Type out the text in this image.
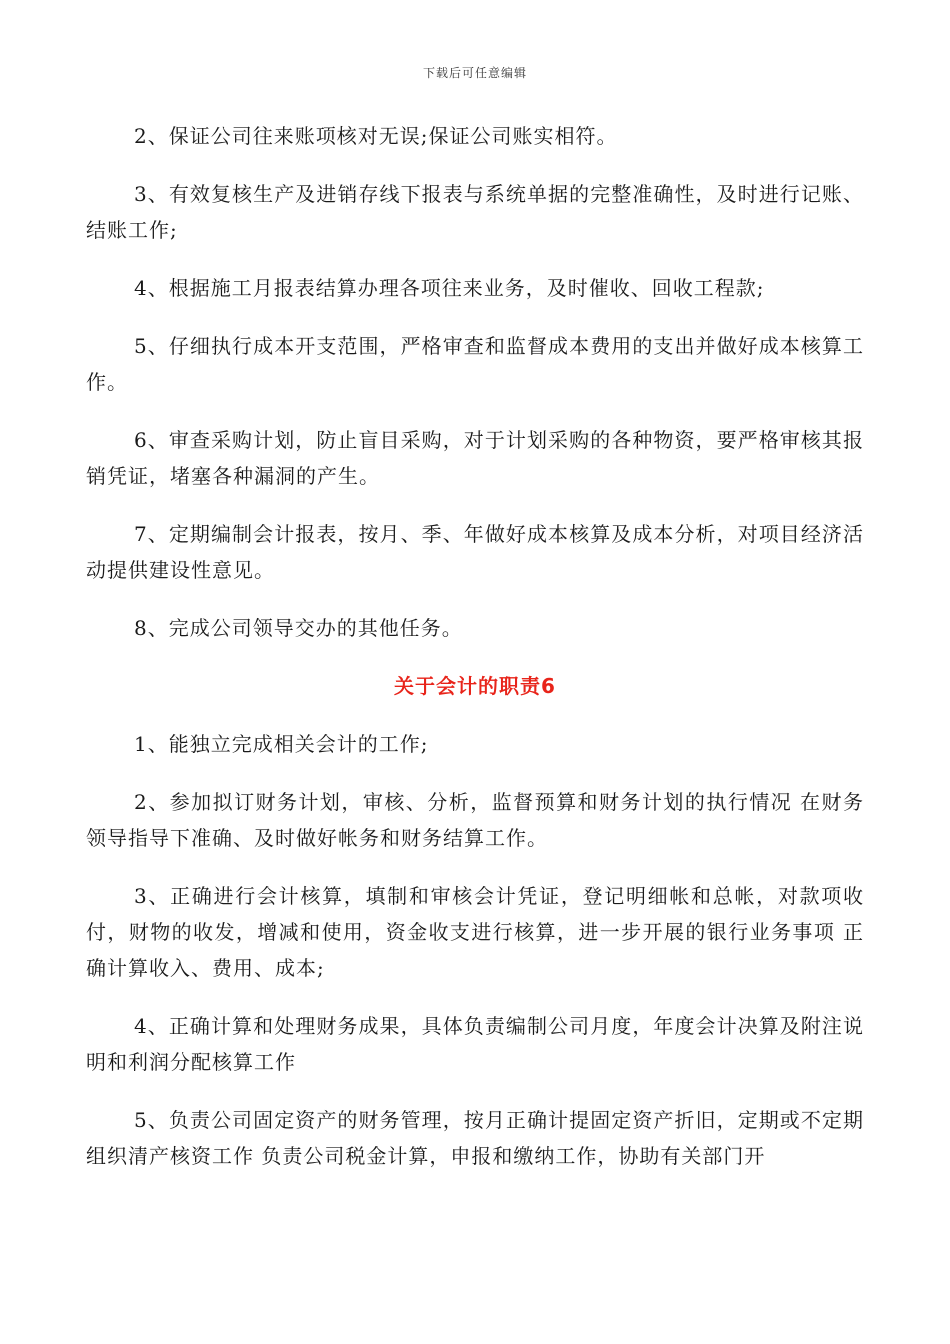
下载后可任意编辑

2、保证公司往来账项核对无误;保证公司账实相符。

3、有效复核生产及进销存线下报表与系统单据的完整准确性，及时进行记账、结账工作;

4、根据施工月报表结算办理各项往来业务，及时催收、回收工程款;

5、仔细执行成本开支范围，严格审查和监督成本费用的支出并做好成本核算工作。

6、审查采购计划，防止盲目采购，对于计划采购的各种物资，要严格审核其报销凭证，堵塞各种漏洞的产生。

7、定期编制会计报表，按月、季、年做好成本核算及成本分析，对项目经济活动提供建设性意见。

8、完成公司领导交办的其他任务。

关于会计的职责6

1、能独立完成相关会计的工作;

2、参加拟订财务计划，审核、分析，监督预算和财务计划的执行情况 在财务领导指导下准确、及时做好帐务和财务结算工作。

3、正确进行会计核算，填制和审核会计凭证，登记明细帐和总帐，对款项收付，财物的收发，增减和使用，资金收支进行核算，进一步开展的银行业务事项 正确计算收入、费用、成本;

4、正确计算和处理财务成果，具体负责编制公司月度，年度会计决算及附注说明和利润分配核算工作

5、负责公司固定资产的财务管理，按月正确计提固定资产折旧，定期或不定期组织清产核资工作 负责公司税金计算，申报和缴纳工作，协助有关部门开
